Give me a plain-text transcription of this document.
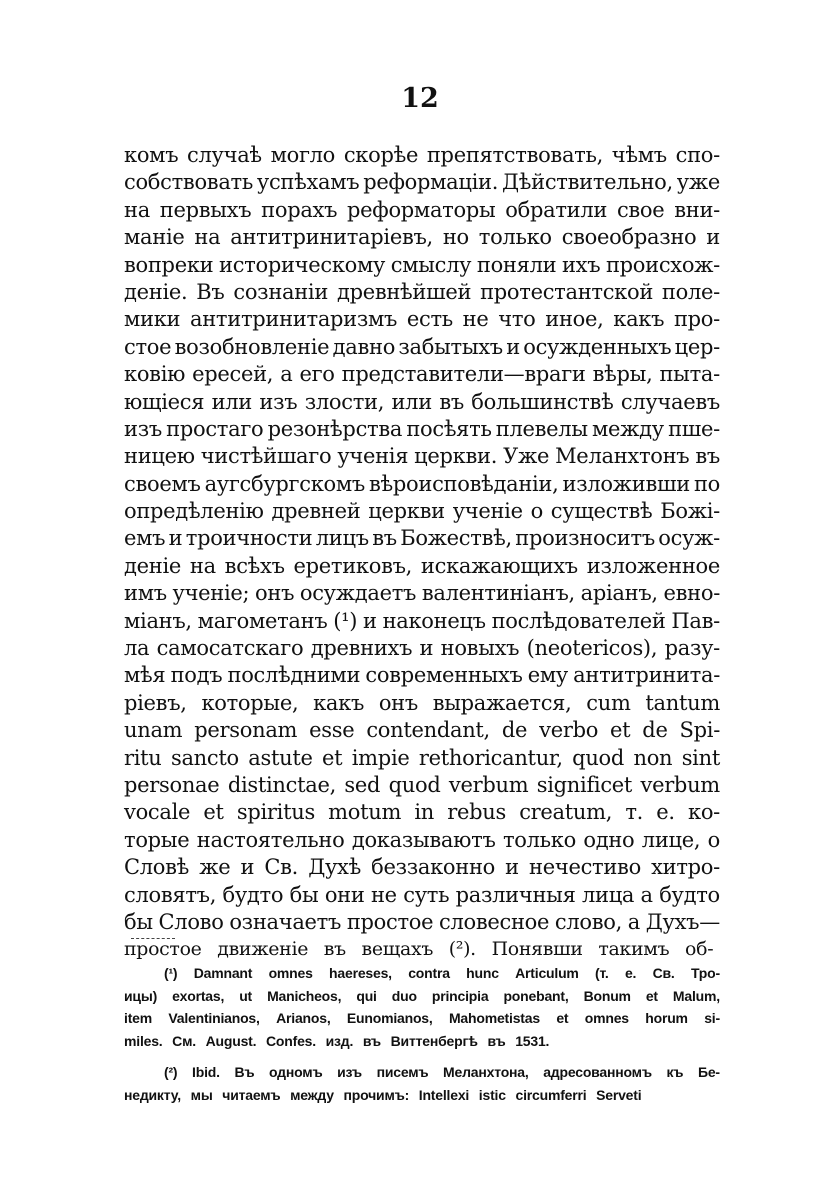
12
комъ случаѣ могло скорѣе препятствовать, чѣмъ спо-
собствовать успѣхамъ реформаціи. Дѣйствительно, уже
на первыхъ порахъ реформаторы обратили свое вни-
маніе на антитринитаріевъ, но только своеобразно и
вопреки историческому смыслу поняли ихъ происхож-
деніе. Въ сознаніи древнѣйшей протестантской поле-
мики антитринитаризмъ есть не что иное, какъ про-
стое возобновленіе давно забытыхъ и осужденныхъ цер-
ковію ересей, а его представители—враги вѣры, пыта-
ющіеся или изъ злости, или въ большинствѣ случаевъ
изъ простаго резонѣрства посѣять плевелы между пше-
ницею чистѣйшаго ученія церкви. Уже Меланхтонъ въ
своемъ аугсбургскомъ вѣроисповѣданіи, изложивши по
опредѣленію древней церкви ученіе о существѣ Божі-
емъ и троичности лицъ въ Божествѣ, произноситъ осуж-
деніе на всѣхъ еретиковъ, искажающихъ изложенное
имъ ученіе; онъ осуждаетъ валентиніанъ, аріанъ, евно-
міанъ, магометанъ (¹) и наконецъ послѣдователей Пав-
ла самосатскаго древнихъ и новыхъ (neotericos), разу-
мѣя подъ послѣдними современныхъ ему антитринита-
ріевъ, которые, какъ онъ выражается, cum tantum
unam personam esse contendant, de verbo et de Spi-
ritu sancto astute et impie rethoricantur, quod non sint
personae distinctae, sed quod verbum significet verbum
vocale et spiritus motum in rebus creatum, т. е. ко-
торые настоятельно доказываютъ только одно лице, о
Словѣ же и Св. Духѣ беззаконно и нечестиво хитро-
словятъ, будто бы они не суть различныя лица а будто
бы Слово означаетъ простое словесное слово, а Духъ—
простое движеніе въ вещахъ (²). Понявши такимъ об-
(¹) Damnant omnes haereses, contra hunc Articulum (т. е. Св. Тро-
ицы) exortas, ut Manicheos, qui duo principia ponebant, Bonum et Malum,
item Valentinianos, Arianos, Eunomianos, Mahometistas et omnes horum si-
miles. См. August. Confes. изд. въ Виттенбергѣ въ 1531.
(²) Ibid. Въ одномъ изъ писемъ Меланхтона, адресованномъ къ Бе-
недикту, мы читаемъ между прочимъ: Intellexi istic circumferri Serveti
